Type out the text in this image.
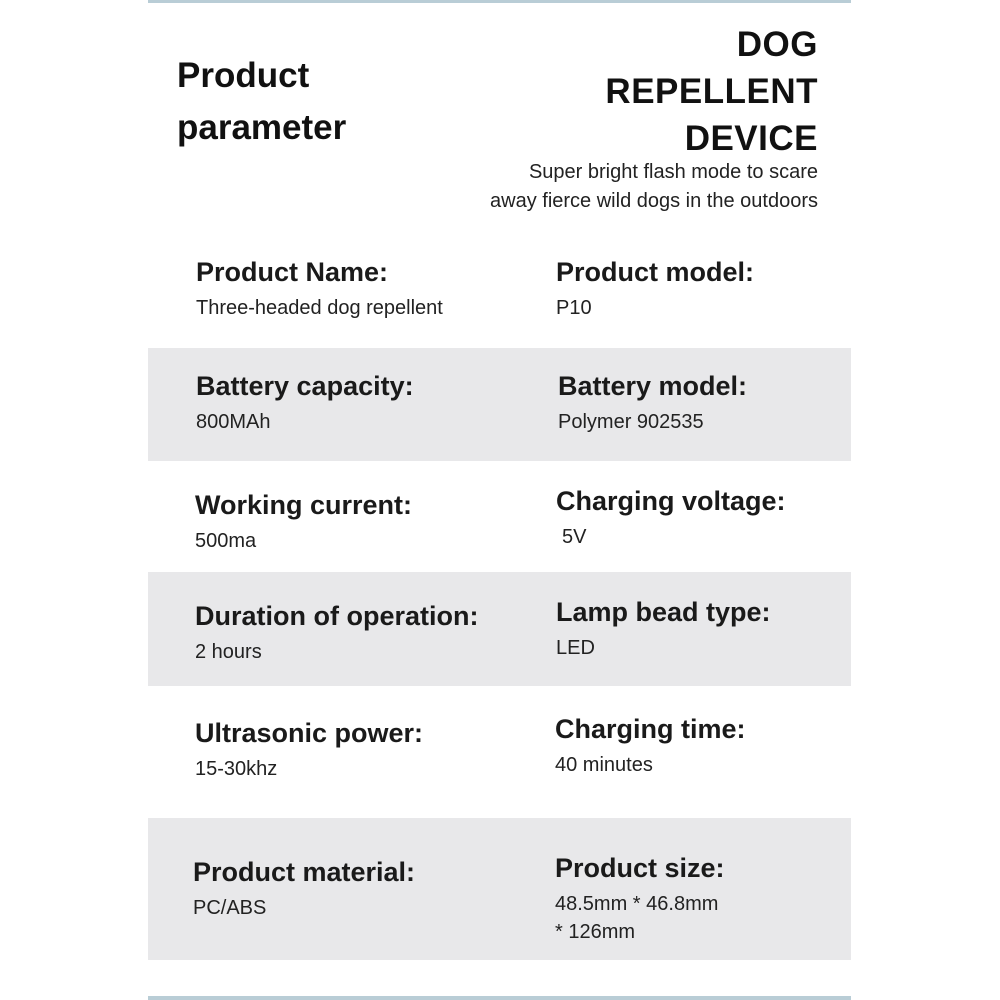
Product
parameter
DOG
REPELLENT
DEVICE

Super bright flash mode to scare
away fierce wild dogs in the outdoors

Product Name:
Three-headed dog repellent
Product model:
P10
Battery capacity:
800MAh
Battery model:
Polymer 902535
Working current:
500ma
Charging voltage:
5V
Duration of operation:
2 hours
Lamp bead type:
LED
Ultrasonic power:
15-30khz
Charging time:
40 minutes
Product material:
PC/ABS
Product size:
48.5mm * 46.8mm
* 126mm
